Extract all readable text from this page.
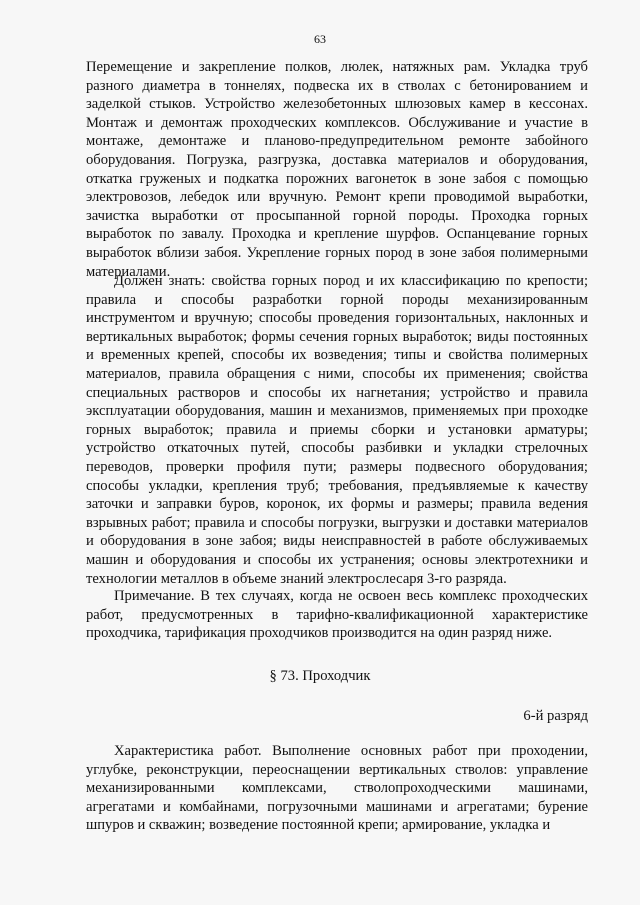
63

Перемещение и закрепление полков, люлек, натяжных рам. Укладка труб разного диаметра в тоннелях, подвеска их в стволах с бетонированием и заделкой стыков. Устройство железобетонных шлюзовых камер в кессонах. Монтаж и демонтаж проходческих комплексов. Обслуживание и участие в монтаже, демонтаже и планово-предупредительном ремонте забойного оборудования. Погрузка, разгрузка, доставка материалов и оборудования, откатка груженых и подкатка порожних вагонеток в зоне забоя с помощью электровозов, лебедок или вручную. Ремонт крепи проводимой выработки, зачистка выработки от просыпанной горной породы. Проходка горных выработок по завалу. Проходка и крепление шурфов. Оспанцевание горных выработок вблизи забоя. Укрепление горных пород в зоне забоя полимерными материалами.

Должен знать: свойства горных пород и их классификацию по крепости; правила и способы разработки горной породы механизированным инструментом и вручную; способы проведения горизонтальных, наклонных и вертикальных выработок; формы сечения горных выработок; виды постоянных и временных крепей, способы их возведения; типы и свойства полимерных материалов, правила обращения с ними, способы их применения; свойства специальных растворов и способы их нагнетания; устройство и правила эксплуатации оборудования, машин и механизмов, применяемых при проходке горных выработок; правила и приемы сборки и установки арматуры; устройство откаточных путей, способы разбивки и укладки стрелочных переводов, проверки профиля пути; размеры подвесного оборудования; способы укладки, крепления труб; требования, предъявляемые к качеству заточки и заправки буров, коронок, их формы и размеры; правила ведения взрывных работ; правила и способы погрузки, выгрузки и доставки материалов и оборудования в зоне забоя; виды неисправностей в работе обслуживаемых машин и оборудования и способы их устранения; основы электротехники и технологии металлов в объеме знаний электрослесаря 3-го разряда.

Примечание. В тех случаях, когда не освоен весь комплекс проходческих работ, предусмотренных в тарифно-квалификационной характеристике проходчика, тарификация проходчиков производится на один разряд ниже.

§ 73. Проходчик
6-й разряд

Характеристика работ. Выполнение основных работ при проходении, углубке, реконструкции, переоснащении вертикальных стволов: управление механизированными комплексами, стволопроходческими машинами, агрегатами и комбайнами, погрузочными машинами и агрегатами; бурение шпуров и скважин; возведение постоянной крепи; армирование, укладка и
